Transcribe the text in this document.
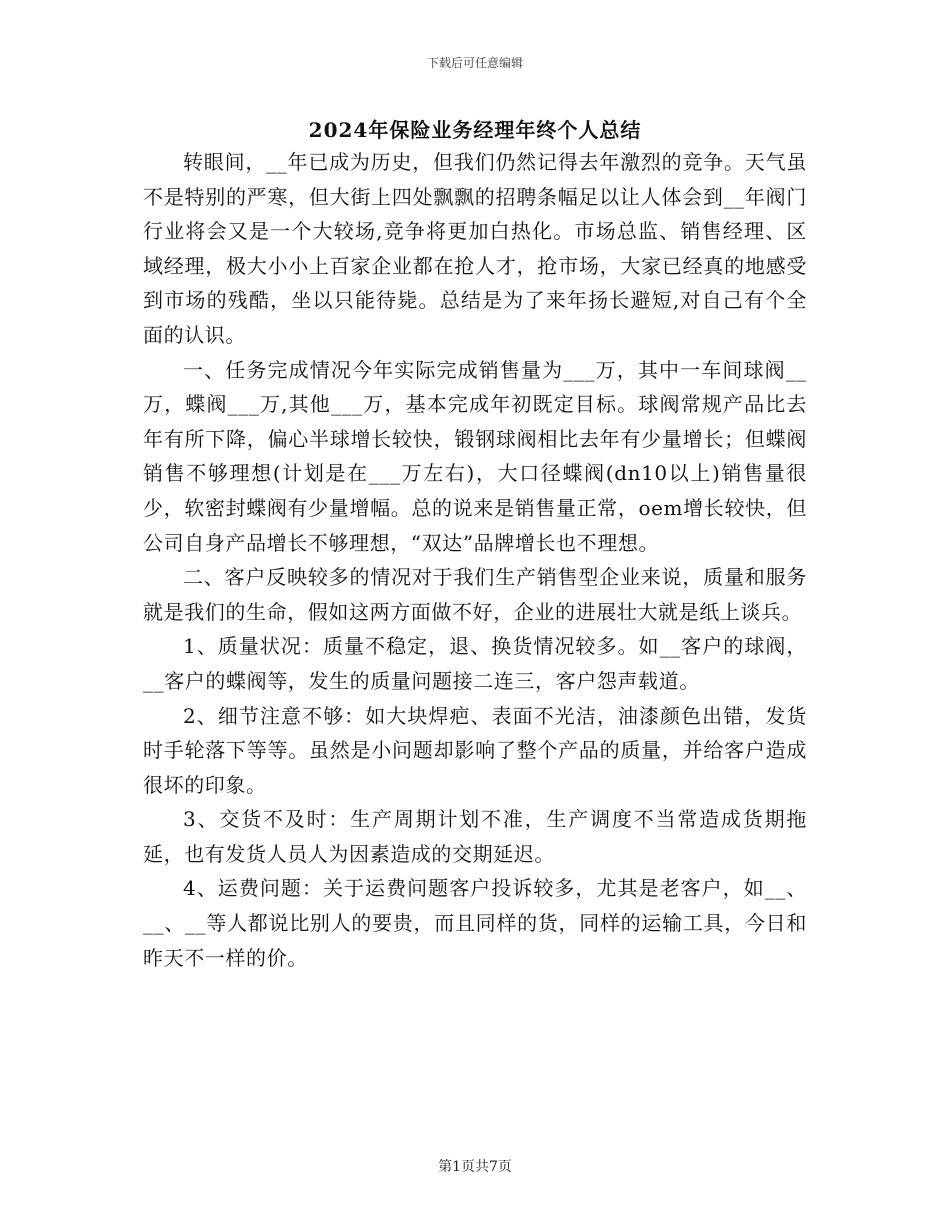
下载后可任意编辑
2024年保险业务经理年终个人总结

转眼间，__年已成为历史，但我们仍然记得去年激烈的竞争。天气虽不是特别的严寒，但大街上四处飘飘的招聘条幅足以让人体会到__年阀门行业将会又是一个大较场,竞争将更加白热化。市场总监、销售经理、区域经理，极大小小上百家企业都在抢人才，抢市场，大家已经真的地感受到市场的残酷，坐以只能待毙。总结是为了来年扬长避短,对自己有个全面的认识。

一、任务完成情况今年实际完成销售量为___万，其中一车间球阀__万，蝶阀___万,其他___万，基本完成年初既定目标。球阀常规产品比去年有所下降，偏心半球增长较快，锻钢球阀相比去年有少量增长；但蝶阀销售不够理想(计划是在___万左右)，大口径蝶阀(dn10以上)销售量很少，软密封蝶阀有少量增幅。总的说来是销售量正常，oem增长较快，但公司自身产品增长不够理想，“双达”品牌增长也不理想。

二、客户反映较多的情况对于我们生产销售型企业来说，质量和服务就是我们的生命，假如这两方面做不好，企业的进展壮大就是纸上谈兵。

1、质量状况：质量不稳定，退、换货情况较多。如__客户的球阀，__客户的蝶阀等，发生的质量问题接二连三，客户怨声载道。

2、细节注意不够：如大块焊疤、表面不光洁，油漆颜色出错，发货时手轮落下等等。虽然是小问题却影响了整个产品的质量，并给客户造成很坏的印象。

3、交货不及时：生产周期计划不准，生产调度不当常造成货期拖延，也有发货人员人为因素造成的交期延迟。

4、运费问题：关于运费问题客户投诉较多，尤其是老客户，如__、__、__等人都说比别人的要贵，而且同样的货，同样的运输工具，今日和昨天不一样的价。

第1页共7页
